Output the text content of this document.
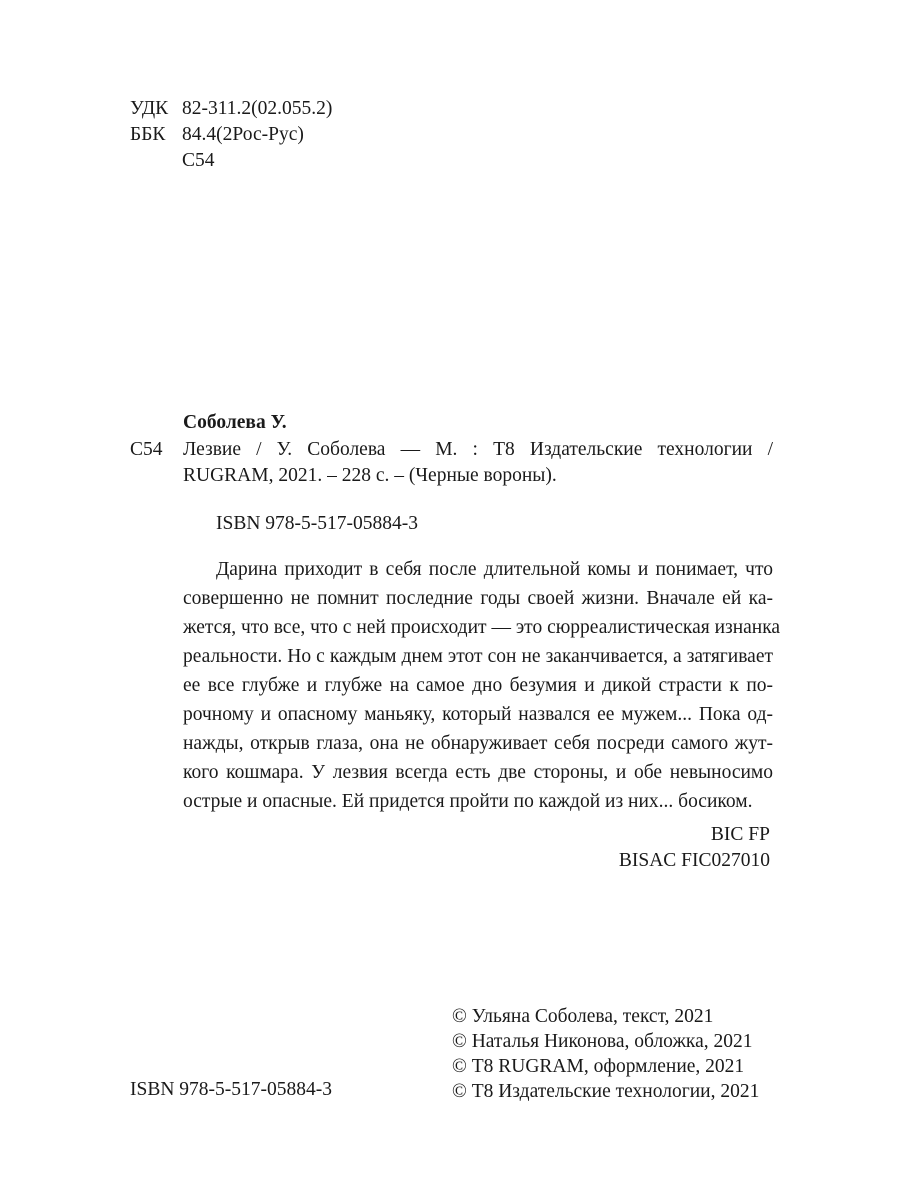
УДК 82-311.2(02.055.2)
ББК 84.4(2Рос-Рус)
С54
Соболева У.
С54 Лезвие / У. Соболева — М. : Т8 Издательские технологии /
RUGRAM, 2021. – 228 с. – (Черные вороны).
ISBN 978-5-517-05884-3
Дарина приходит в себя после длительной комы и понимает, что
совершенно не помнит последние годы своей жизни. Вначале ей ка-
жется, что все, что с ней происходит — это сюрреалистическая изнанка
реальности. Но с каждым днем этот сон не заканчивается, а затягивает
ее все глубже и глубже на самое дно безумия и дикой страсти к по-
рочному и опасному маньяку, который назвался ее мужем... Пока од-
нажды, открыв глаза, она не обнаруживает себя посреди самого жут-
кого кошмара. У лезвия всегда есть две стороны, и обе невыносимо
острые и опасные. Ей придется пройти по каждой из них... босиком.
BIC FP
BISAC FIC027010
© Ульяна Соболева, текст, 2021
© Наталья Никонова, обложка, 2021
© Т8 RUGRAM, оформление, 2021
© Т8 Издательские технологии, 2021
ISBN 978-5-517-05884-3
